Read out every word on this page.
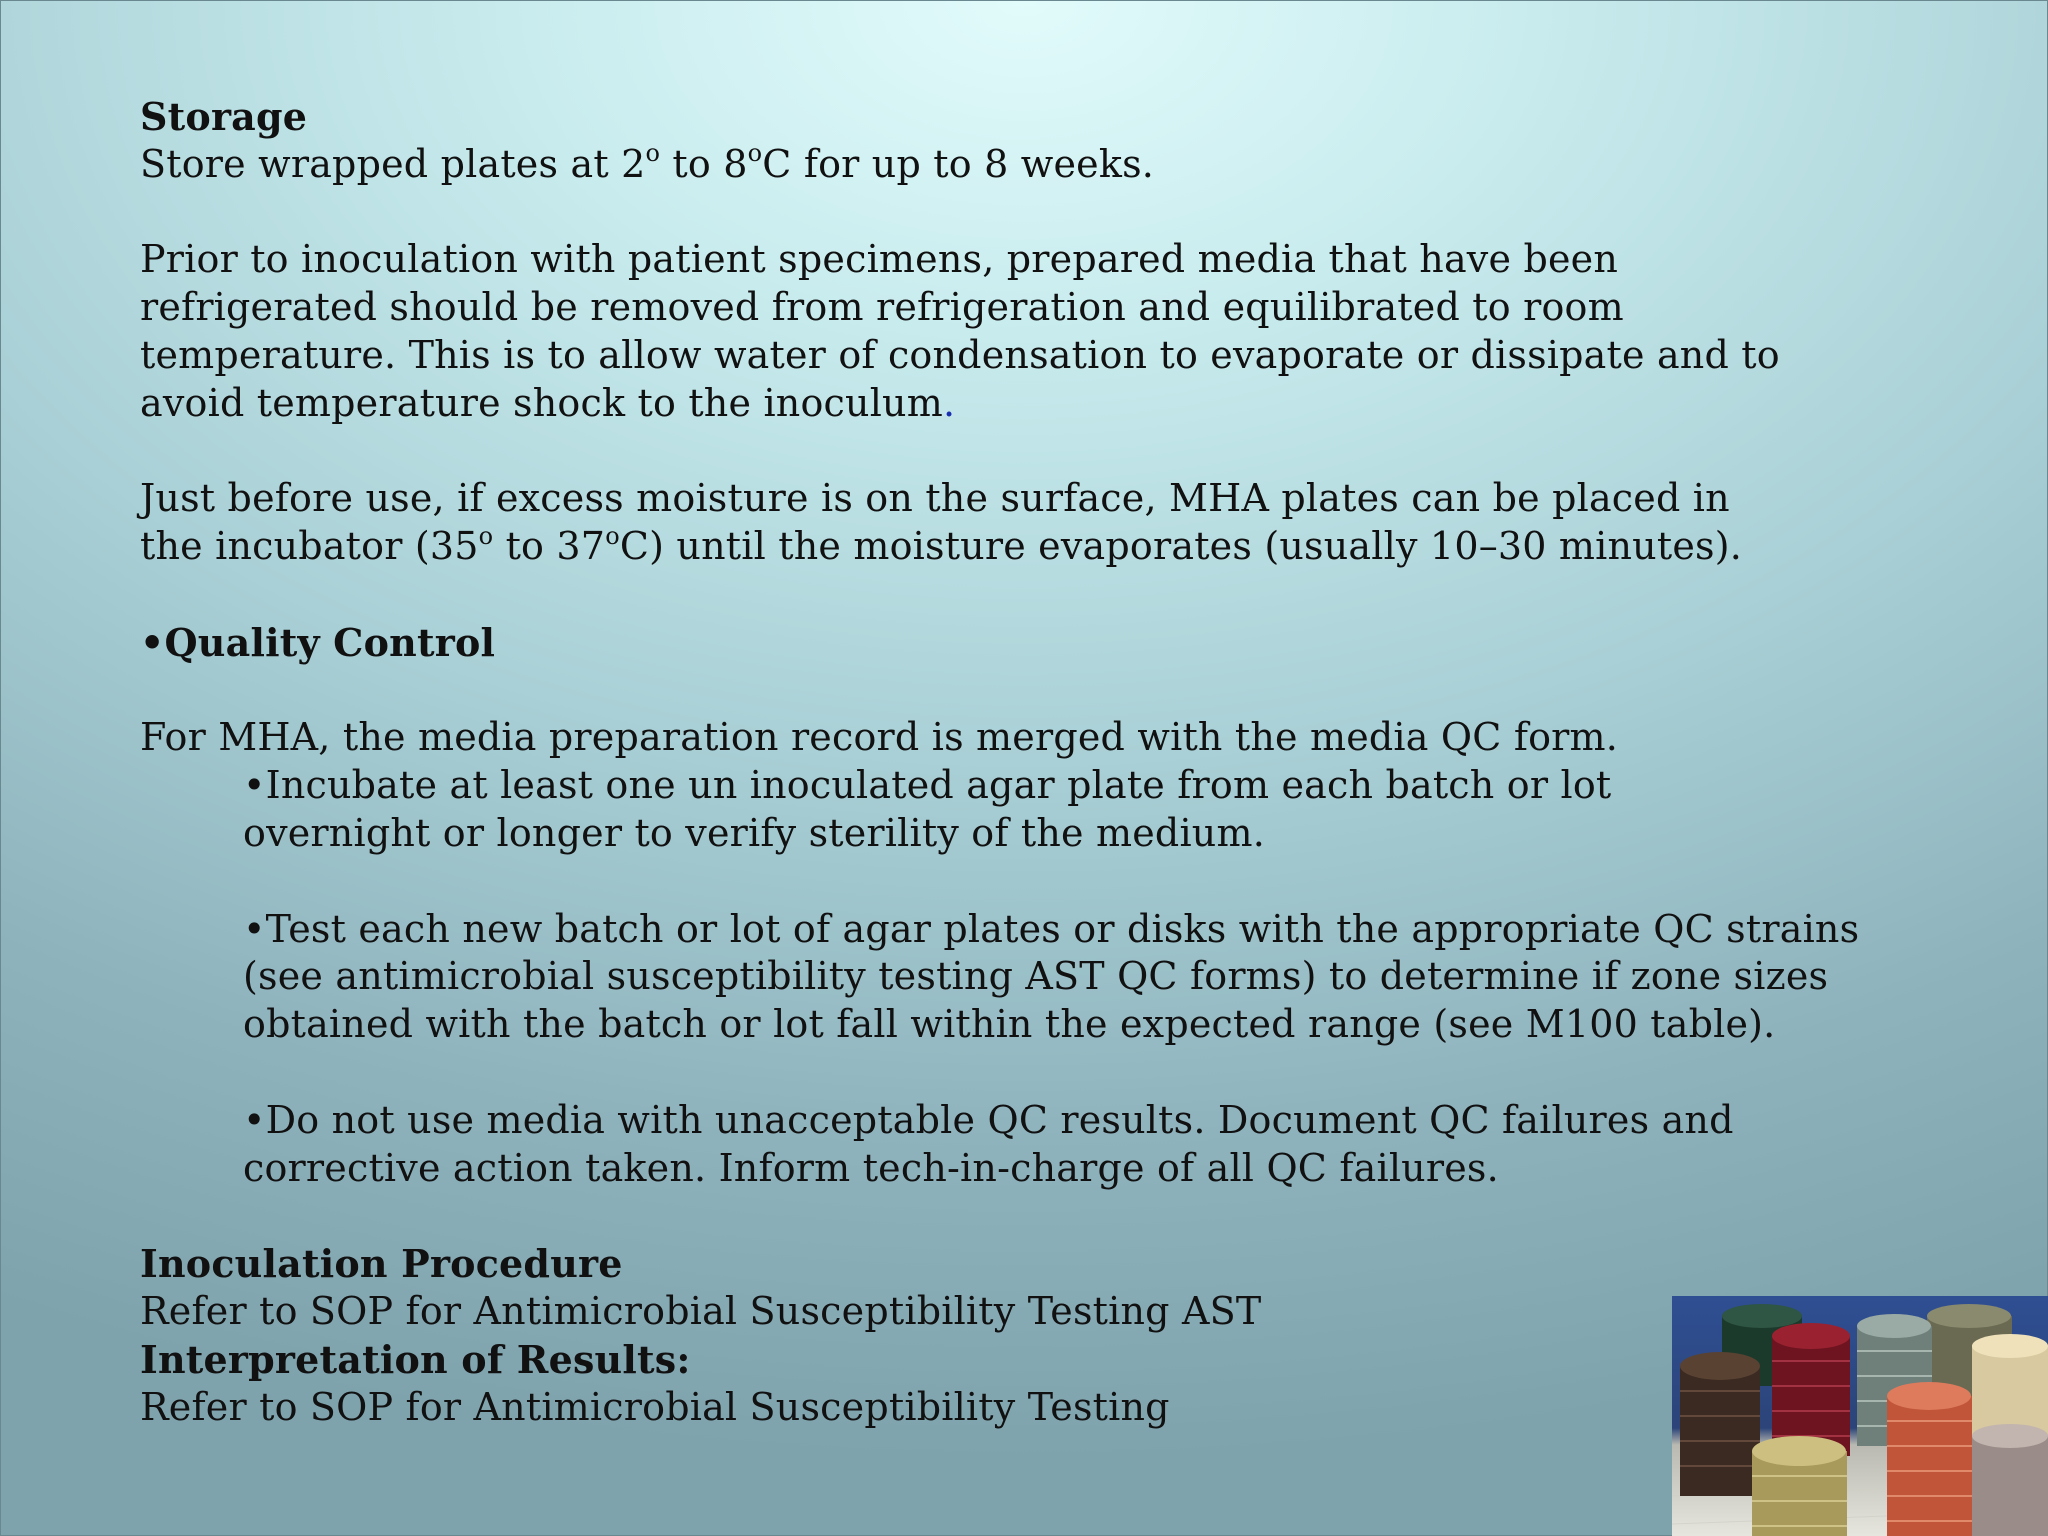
Storage

Store wrapped plates at 2$^o$ to 8$^o$C for up to 8 weeks.

Prior to inoculation with patient specimens, prepared media that have been refrigerated should be removed from refrigeration and equilibrated to room temperature. This is to allow water of condensation to evaporate or dissipate and to avoid temperature shock to the inoculum.

Just before use, if excess moisture is on the surface, MHA plates can be placed in the incubator (35$^o$ to 37$^o$C) until the moisture evaporates (usually 10–30 minutes).

•Quality Control

For MHA, the media preparation record is merged with the media QC form.

•Incubate at least one un inoculated agar plate from each batch or lot overnight or longer to verify sterility of the medium.

•Test each new batch or lot of agar plates or disks with the appropriate QC strains (see antimicrobial susceptibility testing AST QC forms) to determine if zone sizes obtained with the batch or lot fall within the expected range (see M100 table).

•Do not use media with unacceptable QC results. Document QC failures and corrective action taken. Inform tech-in-charge of all QC failures.

Inoculation Procedure

Refer to SOP for Antimicrobial Susceptibility Testing AST

Interpretation of Results:

Refer to SOP for Antimicrobial Susceptibility Testing
